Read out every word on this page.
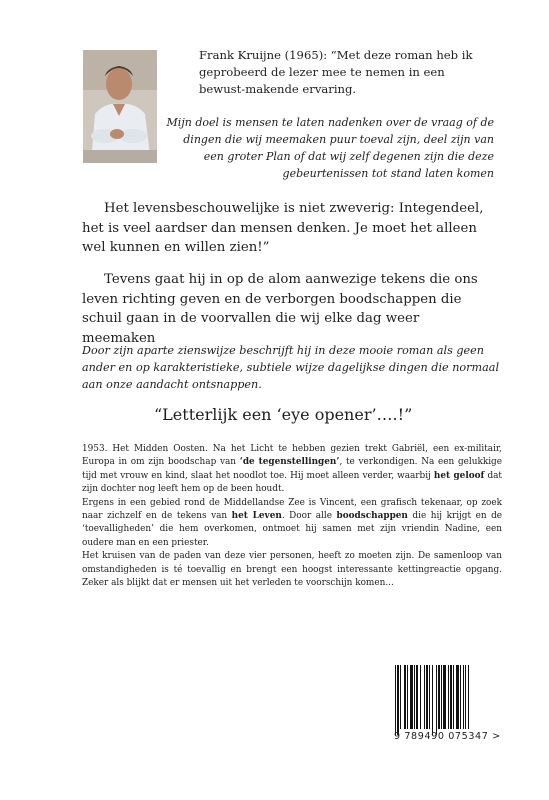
Frank Kruijne (1965): “Met deze roman heb ik geprobeerd de lezer mee te nemen in een bewust-makende ervaring.
Mijn doel is mensen te laten nadenken over de vraag of de dingen die wij meemaken puur toeval zijn, deel zijn van een groter Plan of dat wij zelf degenen zijn die deze gebeurtenissen tot stand laten komen
Het levensbeschouwelijke is niet zweverig: Integendeel, het is veel aardser dan mensen denken. Je moet het alleen wel kunnen en willen zien!”
Tevens gaat hij in op de alom aanwezige tekens die ons leven richting geven en de verborgen boodschappen die schuil gaan in de voorvallen die wij elke dag weer meemaken
Door zijn aparte zienswijze beschrijft hij in deze mooie roman als geen ander en op karakteristieke, subtiele wijze dagelijkse dingen die normaal aan onze aandacht ontsnappen.
“Letterlijk een ‘eye opener’….!”

1953. Het Midden Oosten. Na het Licht te hebben gezien trekt Gabriël, een ex-militair, Europa in om zijn boodschap van ‘de tegenstellingen’, te verkondigen. Na een gelukkige tijd met vrouw en kind, slaat het noodlot toe. Hij moet alleen verder, waarbij het geloof dat zijn dochter nog leeft hem op de been houdt.

Ergens in een gebied rond de Middellandse Zee is Vincent, een grafisch tekenaar, op zoek naar zichzelf en de tekens van het Leven. Door alle boodschappen die hij krijgt en de ‘toevalligheden’ die hem overkomen, ontmoet hij samen met zijn vriendin Nadine, een oudere man en een priester.

Het kruisen van de paden van deze vier personen, heeft zo moeten zijn. De samenloop van omstandigheden is té toevallig en brengt een hoogst interessante kettingreactie opgang. Zeker als blijkt dat er mensen uit het verleden te voorschijn komen...

9 789490 075347 >
